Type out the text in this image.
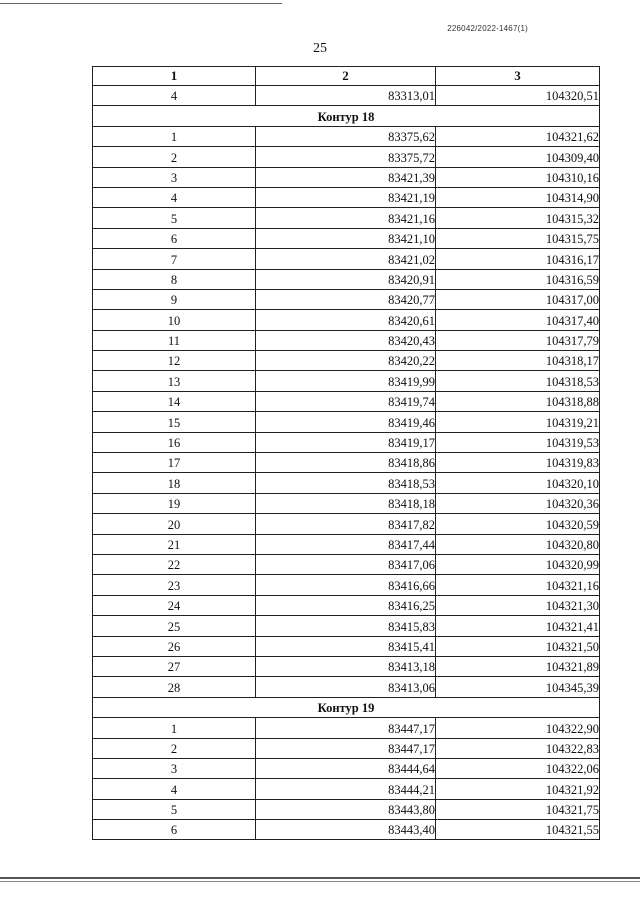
226042/2022-1467(1)
25
1	2	3
4	83313,01	104320,51
Контур 18		
1	83375,62	104321,62
2	83375,72	104309,40
3	83421,39	104310,16
4	83421,19	104314,90
5	83421,16	104315,32
6	83421,10	104315,75
7	83421,02	104316,17
8	83420,91	104316,59
9	83420,77	104317,00
10	83420,61	104317,40
11	83420,43	104317,79
12	83420,22	104318,17
13	83419,99	104318,53
14	83419,74	104318,88
15	83419,46	104319,21
16	83419,17	104319,53
17	83418,86	104319,83
18	83418,53	104320,10
19	83418,18	104320,36
20	83417,82	104320,59
21	83417,44	104320,80
22	83417,06	104320,99
23	83416,66	104321,16
24	83416,25	104321,30
25	83415,83	104321,41
26	83415,41	104321,50
27	83413,18	104321,89
28	83413,06	104345,39
Контур 19		
1	83447,17	104322,90
2	83447,17	104322,83
3	83444,64	104322,06
4	83444,21	104321,92
5	83443,80	104321,75
6	83443,40	104321,55
